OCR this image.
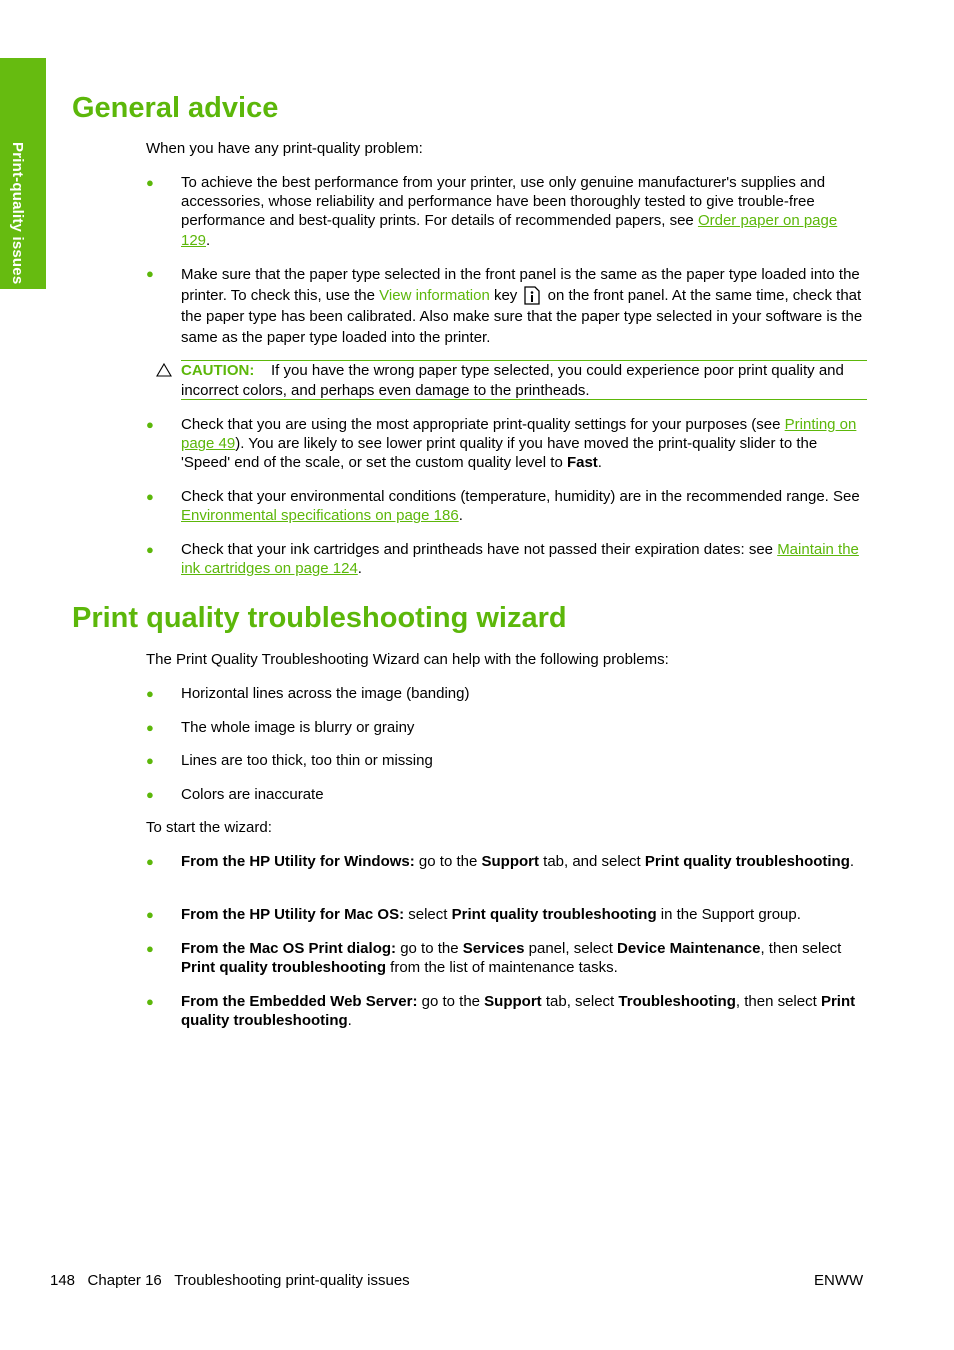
Print-quality issues
General advice

When you have any print-quality problem:

● To achieve the best performance from your printer, use only genuine manufacturer's supplies and accessories, whose reliability and performance have been thoroughly tested to give trouble-free performance and best-quality prints. For details of recommended papers, see Order paper on page 129.
● Make sure that the paper type selected in the front panel is the same as the paper type loaded into the printer. To check this, use the View information key  on the front panel. At the same time, check that the paper type has been calibrated. Also make sure that the paper type selected in your software is the same as the paper type loaded into the printer.
CAUTION: If you have the wrong paper type selected, you could experience poor print quality and incorrect colors, and perhaps even damage to the printheads.
● Check that you are using the most appropriate print-quality settings for your purposes (see Printing on page 49). You are likely to see lower print quality if you have moved the print-quality slider to the 'Speed' end of the scale, or set the custom quality level to Fast.
● Check that your environmental conditions (temperature, humidity) are in the recommended range. See Environmental specifications on page 186.
● Check that your ink cartridges and printheads have not passed their expiration dates: see Maintain the ink cartridges on page 124.
Print quality troubleshooting wizard

The Print Quality Troubleshooting Wizard can help with the following problems:

● Horizontal lines across the image (banding)
● The whole image is blurry or grainy
● Lines are too thick, too thin or missing
● Colors are inaccurate

To start the wizard:

● From the HP Utility for Windows: go to the Support tab, and select Print quality troubleshooting.
● From the HP Utility for Mac OS: select Print quality troubleshooting in the Support group.
● From the Mac OS Print dialog: go to the Services panel, select Device Maintenance, then select Print quality troubleshooting from the list of maintenance tasks.
● From the Embedded Web Server: go to the Support tab, select Troubleshooting, then select Print quality troubleshooting.
148 Chapter 16 Troubleshooting print-quality issues	ENWW
